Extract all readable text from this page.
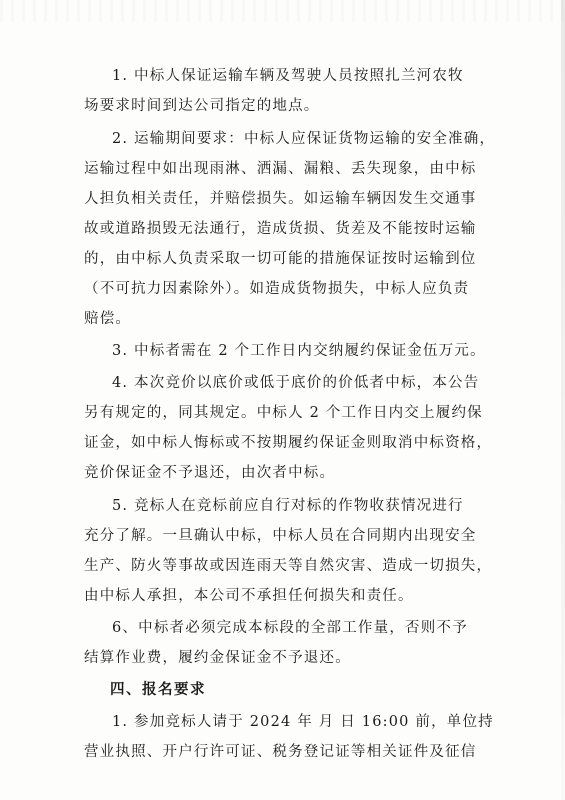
1. 中标人保证运输车辆及驾驶人员按照扎兰河农牧
场要求时间到达公司指定的地点。
2. 运输期间要求：中标人应保证货物运输的安全准确，
运输过程中如出现雨淋、洒漏、漏粮、丢失现象，由中标
人担负相关责任，并赔偿损失。如运输车辆因发生交通事
故或道路损毁无法通行，造成货损、货差及不能按时运输
的，由中标人负责采取一切可能的措施保证按时运输到位
（不可抗力因素除外）。如造成货物损失，中标人应负责
赔偿。
3. 中标者需在 2 个工作日内交纳履约保证金伍万元。
4. 本次竞价以底价或低于底价的价低者中标，本公告
另有规定的，同其规定。中标人 2 个工作日内交上履约保
证金，如中标人悔标或不按期履约保证金则取消中标资格，
竞价保证金不予退还，由次者中标。
5. 竞标人在竞标前应自行对标的作物收获情况进行
充分了解。一旦确认中标，中标人员在合同期内出现安全
生产、防火等事故或因连雨天等自然灾害、造成一切损失，
由中标人承担，本公司不承担任何损失和责任。
6、中标者必须完成本标段的全部工作量，否则不予
结算作业费，履约金保证金不予退还。
四、报名要求
1. 参加竞标人请于 2024 年 月 日 16:00 前，单位持
营业执照、开户行许可证、税务登记证等相关证件及征信
